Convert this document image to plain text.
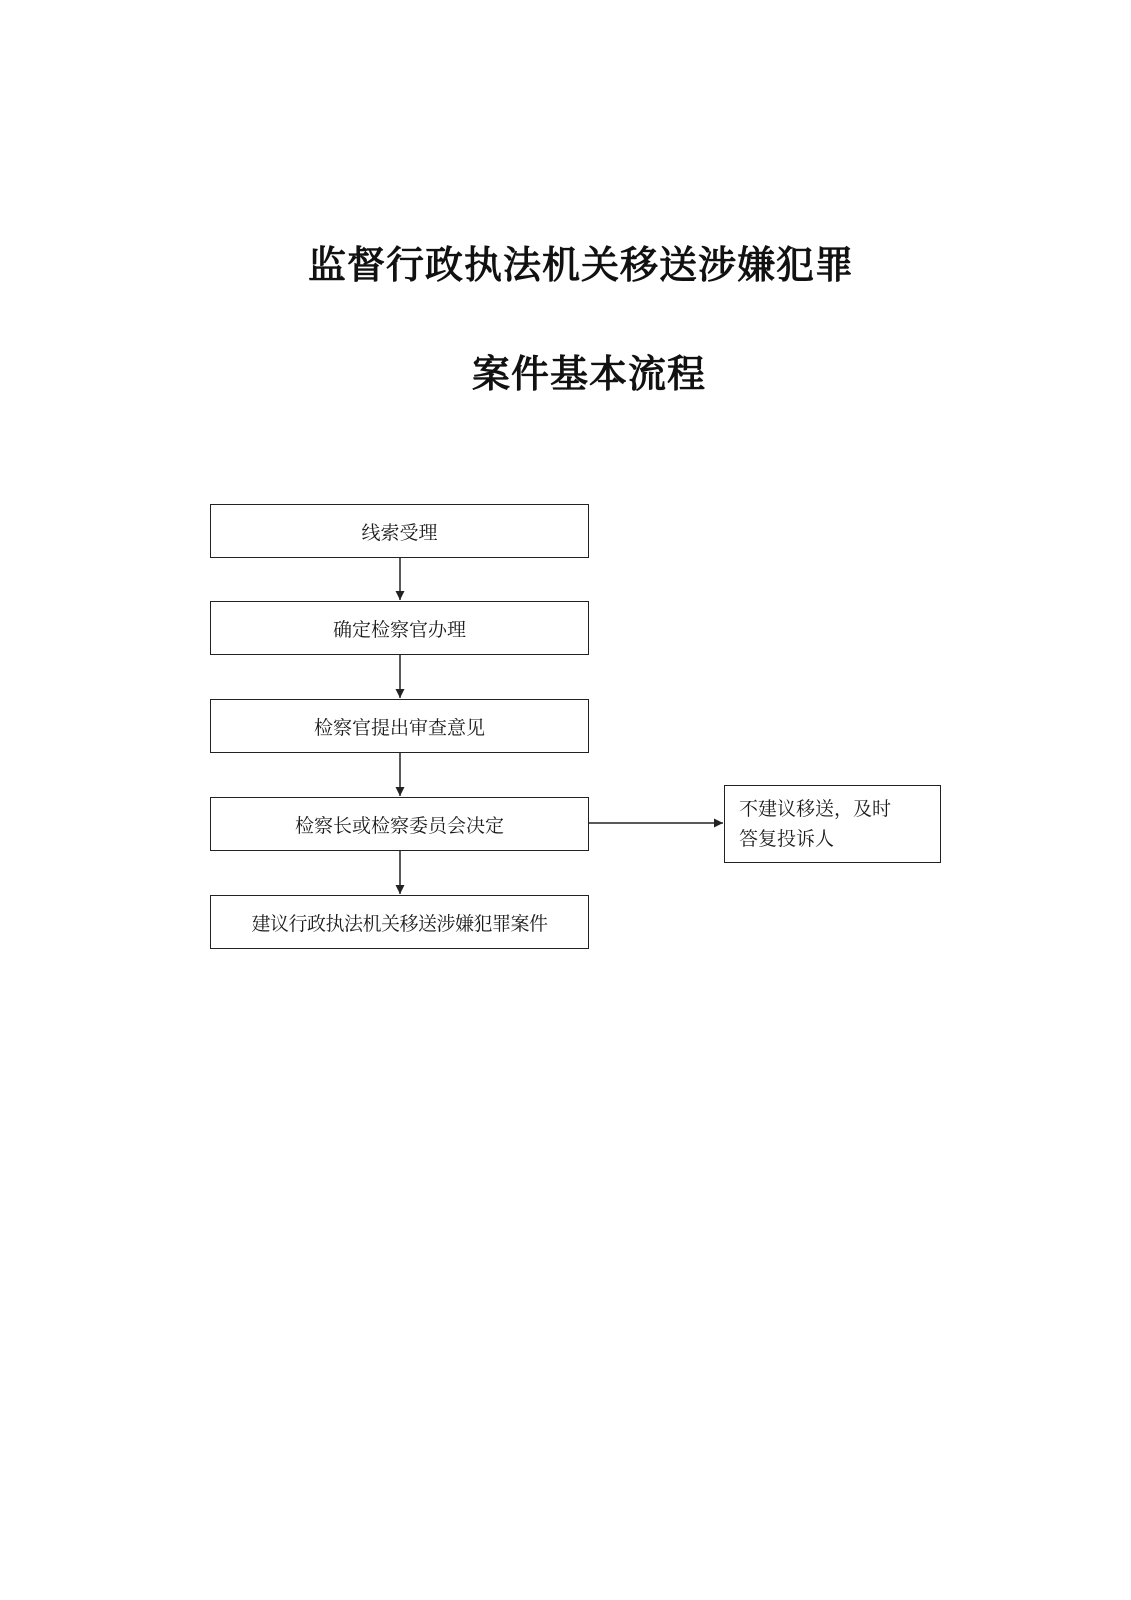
监督行政执法机关移送涉嫌犯罪
案件基本流程
线索受理
确定检察官办理
检察官提出审查意见
检察长或检察委员会决定
建议行政执法机关移送涉嫌犯罪案件
不建议移送，及时
答复投诉人
